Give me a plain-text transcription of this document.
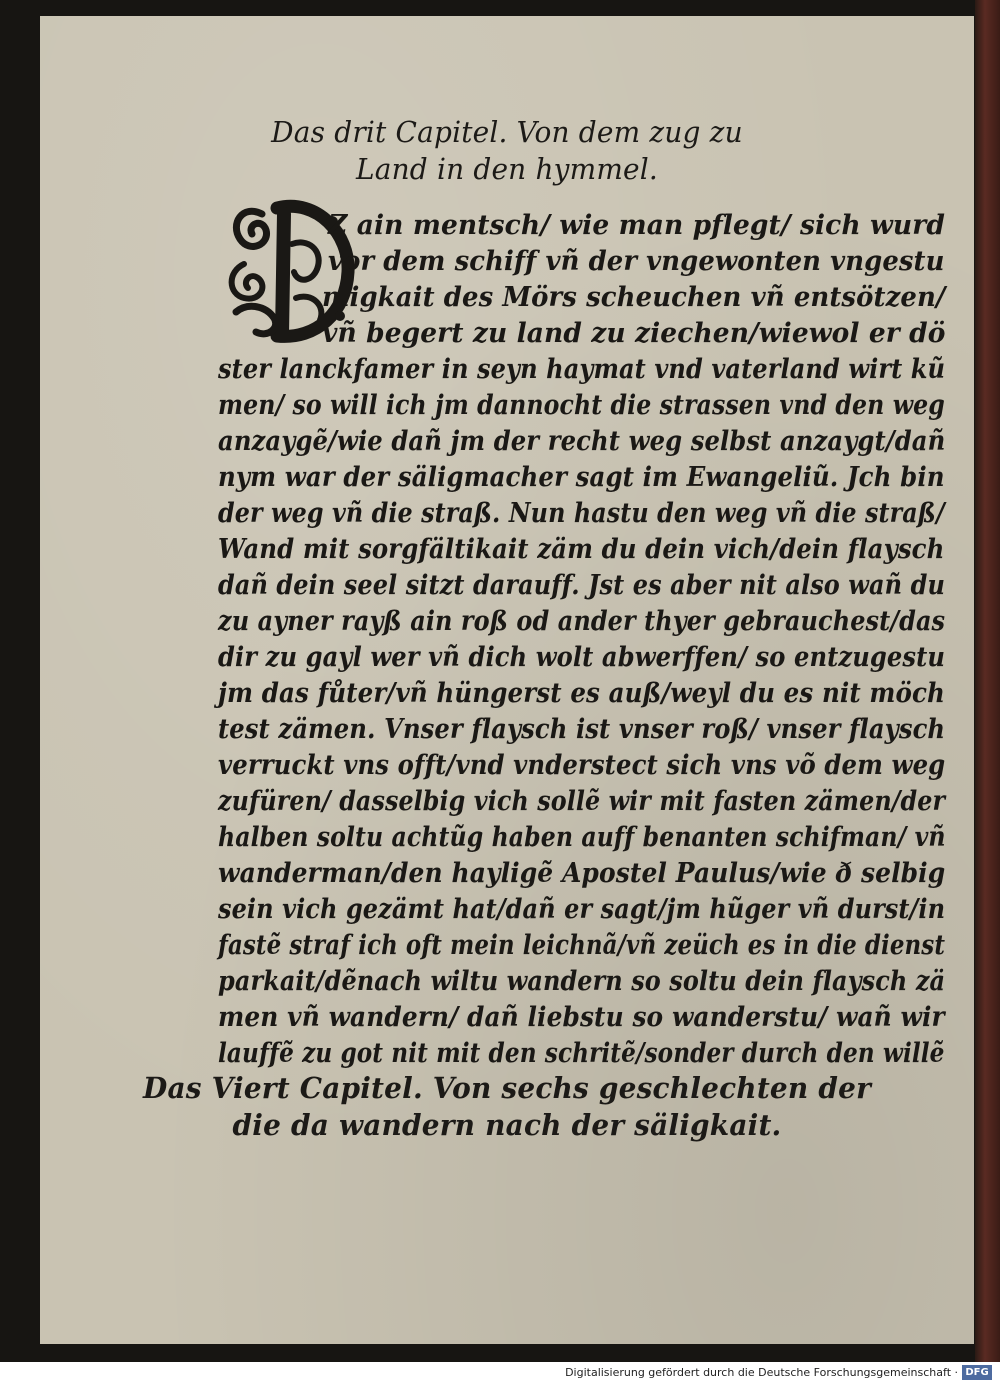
Das drit Capitel. Von dem zug zu
Land in den hymmel.
Z ain mentsch/ wie man pflegt/ sich wurd
vor dem schiff vñ der vngewonten vngestu
migkait des Mörs scheuchen vñ entsötzen/
vñ begert zu land zu ziechen/wiewol er dö
ster lanckfamer in seyn haymat vnd vaterland wirt kũ
men/ so will ich jm dannocht die strassen vnd den weg
anzaygẽ/wie dañ jm der recht weg selbst anzaygt/dañ
nym war der säligmacher sagt im Ewangeliũ. Jch bin
der weg vñ die straß. Nun hastu den weg vñ die straß/
Wand mit sorgfältikait zäm du dein vich/dein flaysch
dañ dein seel sitzt darauff. Jst es aber nit also wañ du
zu ayner rayß ain roß od ander thyer gebrauchest/das
dir zu gayl wer vñ dich wolt abwerffen/ so entzugestu
jm das fůter/vñ hüngerst es auß/weyl du es nit möch
test zämen. Vnser flaysch ist vnser roß/ vnser flaysch
verruckt vns offt/vnd vnderstect sich vns võ dem weg
zufüren/ dasselbig vich sollẽ wir mit fasten zämen/der
halben soltu achtũg haben auff benanten schifman/ vñ
wanderman/den hayligẽ Apostel Paulus/wie ð selbig
sein vich gezämt hat/dañ er sagt/jm hũger vñ durst/in
fastẽ straf ich oft mein leichnã/vñ zeüch es in die dienst
parkait/dẽnach wiltu wandern so soltu dein flaysch zä
men vñ wandern/ dañ liebstu so wanderstu/ wañ wir
lauffẽ zu got nit mit den schritẽ/sonder durch den willẽ
Das Viert Capitel. Von sechs geschlechten der
die da wandern nach der säligkait.
Digitalisierung gefördert durch die Deutsche Forschungsgemeinschaft · DFG
